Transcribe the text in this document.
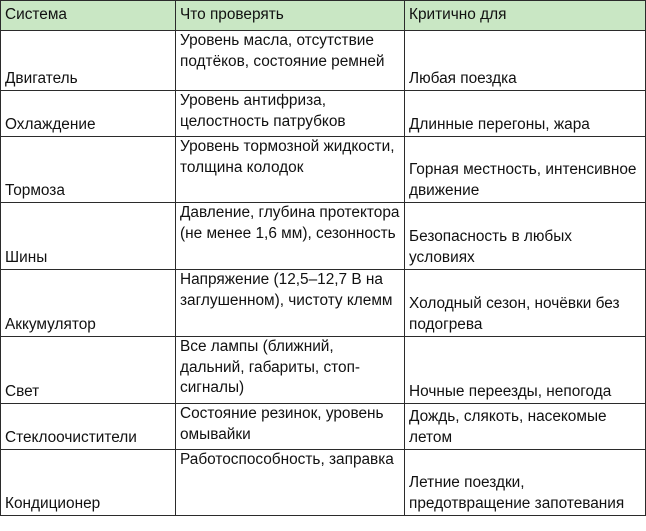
Система	Что проверять	Критично для
Двигатель	Уровень масла, отсутствие подтёков, состояние ремней	Любая поездка
Охлаждение	Уровень антифриза, целостность патрубков	Длинные перегоны, жара
Тормоза	Уровень тормозной жидкости, толщина колодок	Горная местность, интенсивное движение
Шины	Давление, глубина протектора (не менее 1,6 мм), сезонность	Безопасность в любых условиях
Аккумулятор	Напряжение (12,5–12,7 В на заглушенном), чистоту клемм	Холодный сезон, ночёвки без подогрева
Свет	Все лампы (ближний, дальний, габариты, стоп-сигналы)	Ночные переезды, непогода
Стеклоочистители	Состояние резинок, уровень омывайки	Дождь, слякоть, насекомые летом
Кондиционер	Работоспособность, заправка	Летние поездки, предотвращение запотевания
